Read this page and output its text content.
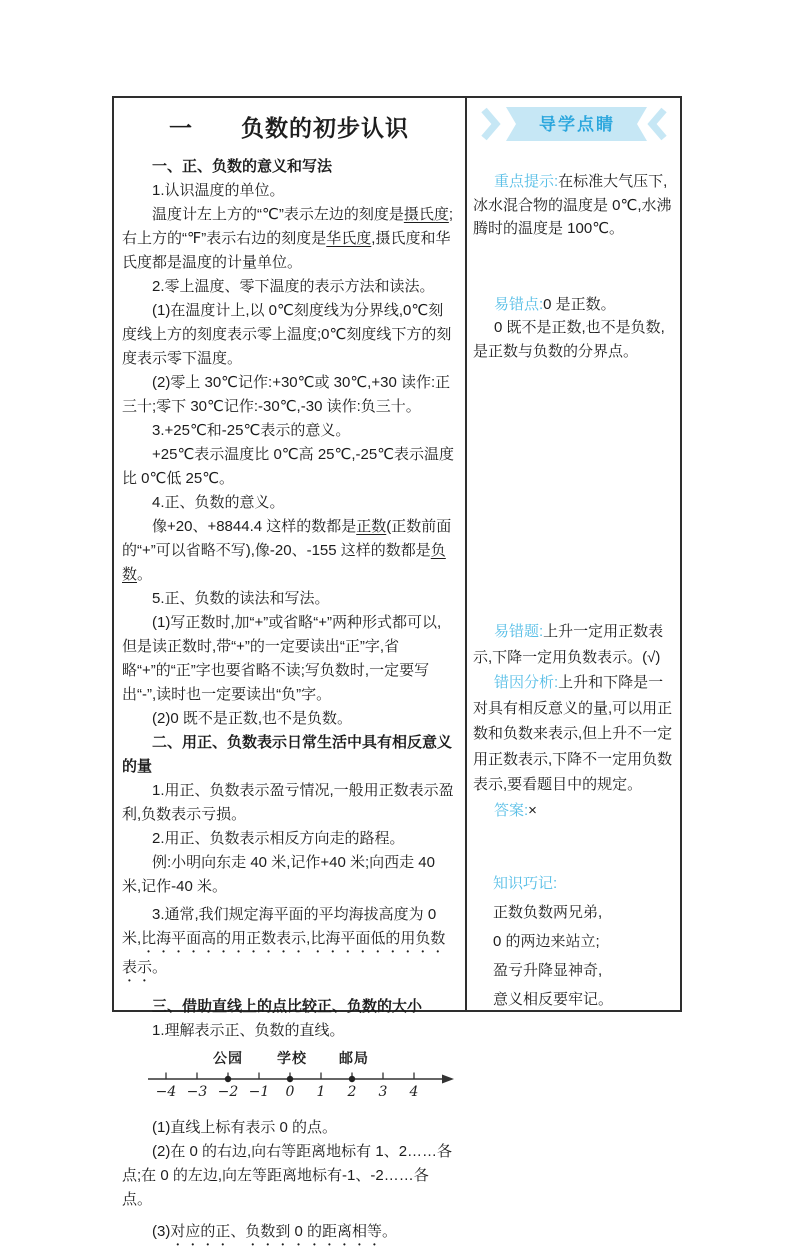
一　　负数的初步认识

一、正、负数的意义和写法

1.认识温度的单位。

温度计左上方的“℃”表示左边的刻度是摄氏度;右上方的“℉”表示右边的刻度是华氏度,摄氏度和华氏度都是温度的计量单位。

2.零上温度、零下温度的表示方法和读法。

(1)在温度计上,以 0℃刻度线为分界线,0℃刻度线上方的刻度表示零上温度;0℃刻度线下方的刻度表示零下温度。

(2)零上 30℃记作:+30℃或 30℃,+30 读作:正三十;零下 30℃记作:-30℃,-30 读作:负三十。

3.+25℃和-25℃表示的意义。

+25℃表示温度比 0℃高 25℃,-25℃表示温度比 0℃低 25℃。

4.正、负数的意义。

像+20、+8844.4 这样的数都是正数(正数前面的“+”可以省略不写),像-20、-155 这样的数都是负数。

5.正、负数的读法和写法。

(1)写正数时,加“+”或省略“+”两种形式都可以,但是读正数时,带“+”的一定要读出“正”字,省略“+”的“正”字也要省略不读;写负数时,一定要写出“-”,读时也一定要读出“负”字。

(2)0 既不是正数,也不是负数。

二、用正、负数表示日常生活中具有相反意义的量

1.用正、负数表示盈亏情况,一般用正数表示盈利,负数表示亏损。

2.用正、负数表示相反方向走的路程。

例:小明向东走 40 米,记作+40 米;向西走 40 米,记作-40 米。

3.通常,我们规定海平面的平均海拔高度为 0 米,比海平面高的用正数表示,比海平面低的用负数表示。

三、借助直线上的点比较正、负数的大小

1.理解表示正、负数的直线。

−4 −3 −2 −1 0 1 2 3 4
公园 学校 邮局

(1)直线上标有表示 0 的点。

(2)在 0 的右边,向右等距离地标有 1、2……各点;在 0 的左边,向左等距离地标有-1、-2……各点。

(3)对应的正、负数到 0 的距离相等。

导学点睛

重点提示:在标准大气压下,冰水混合物的温度是 0℃,水沸腾时的温度是 100℃。

易错点:0 是正数。

0 既不是正数,也不是负数,是正数与负数的分界点。

易错题:上升一定用正数表示,下降一定用负数表示。(√)

错因分析:上升和下降是一对具有相反意义的量,可以用正数和负数来表示,但上升不一定用正数表示,下降不一定用负数表示,要看题目中的规定。

答案:×

知识巧记:

正数负数两兄弟,

0 的两边来站立;

盈亏升降显神奇,

意义相反要牢记。
